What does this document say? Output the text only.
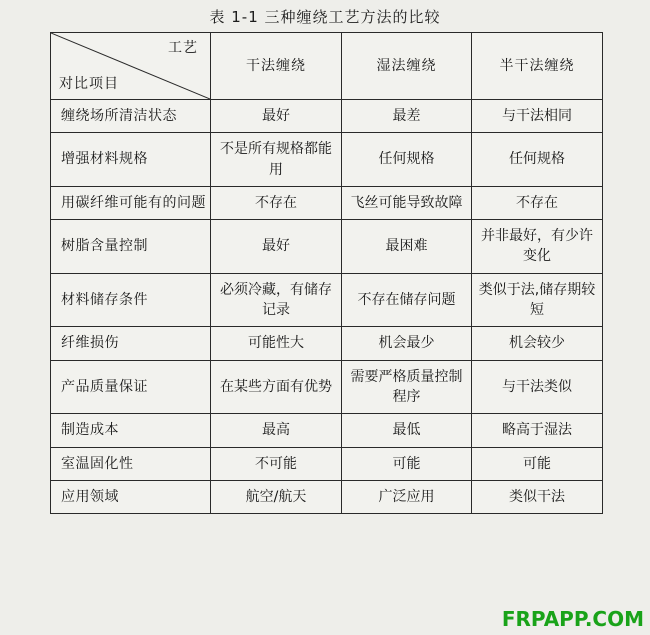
表 1-1 三种缠绕工艺方法的比较
工艺
对比项目	干法缠绕	湿法缠绕	半干法缠绕
缠绕场所清洁状态	最好	最差	与干法相同
增强材料规格	不是所有规格都能用	任何规格	任何规格
用碳纤维可能有的问题	不存在	飞丝可能导致故障	不存在
树脂含量控制	最好	最困难	并非最好，有少许变化
材料储存条件	必须冷藏，有储存记录	不存在储存问题	类似于法,储存期较短
纤维损伤	可能性大	机会最少	机会较少
产品质量保证	在某些方面有优势	需要严格质量控制程序	与干法类似
制造成本	最高	最低	略高于湿法
室温固化性	不可能	可能	可能
应用领域	航空/航天	广泛应用	类似干法
FRPAPP.COM
